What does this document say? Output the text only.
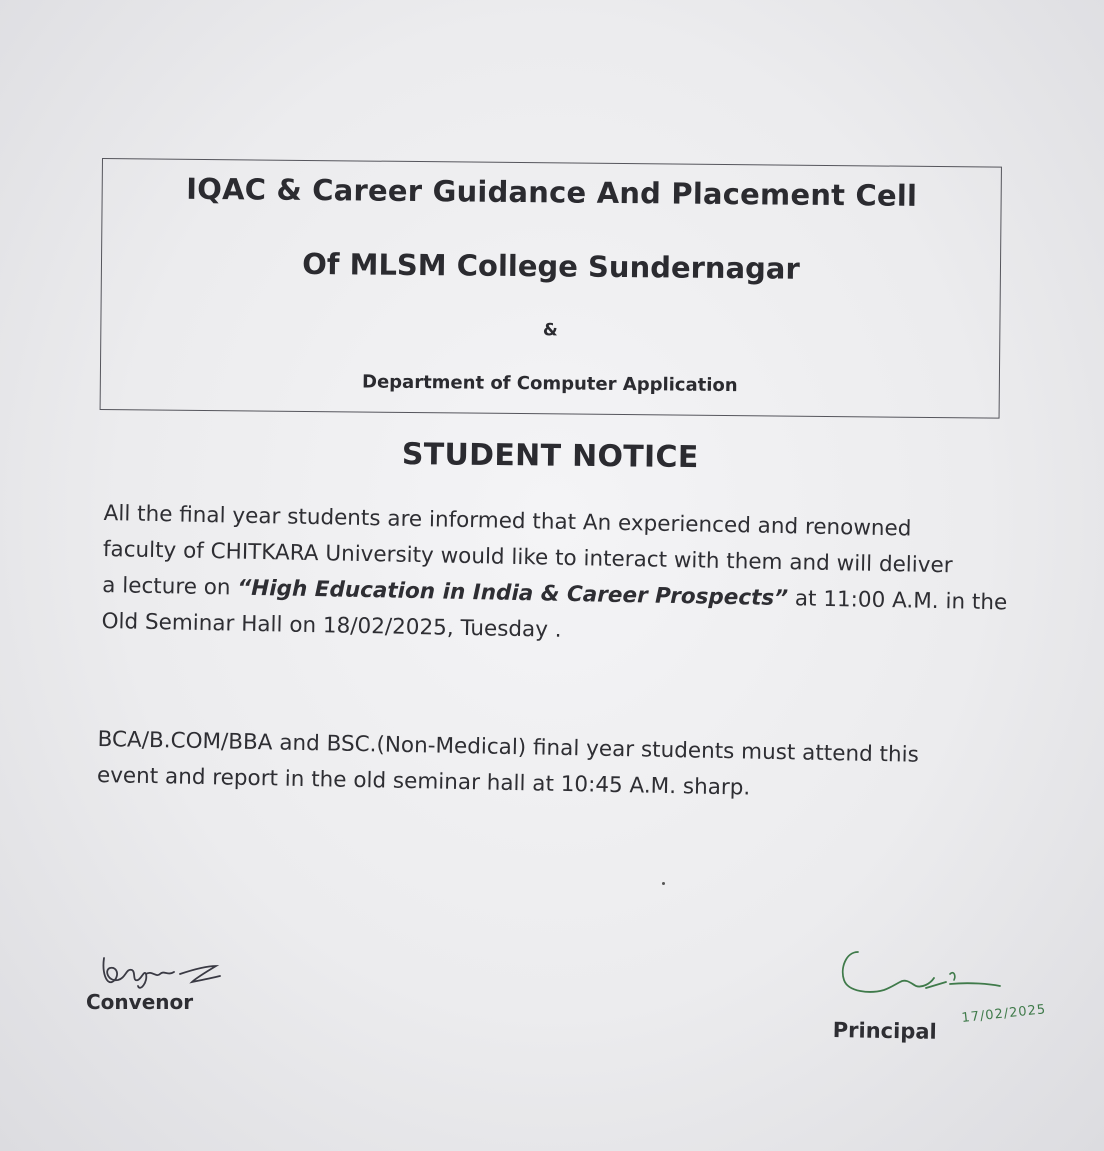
IQAC & Career Guidance And Placement Cell
Of MLSM College Sundernagar
&
Department of Computer Application
STUDENT NOTICE
All the final year students are informed that An experienced and renowned
faculty of CHITKARA University would like to interact with them and will deliver
a lecture on “High Education in India & Career Prospects” at 11:00 A.M. in the
Old Seminar Hall on 18/02/2025, Tuesday .
BCA/B.COM/BBA and BSC.(Non-Medical) final year students must attend this
event and report in the old seminar hall at 10:45 A.M. sharp.
Convenor
17/02/2025
Principal
